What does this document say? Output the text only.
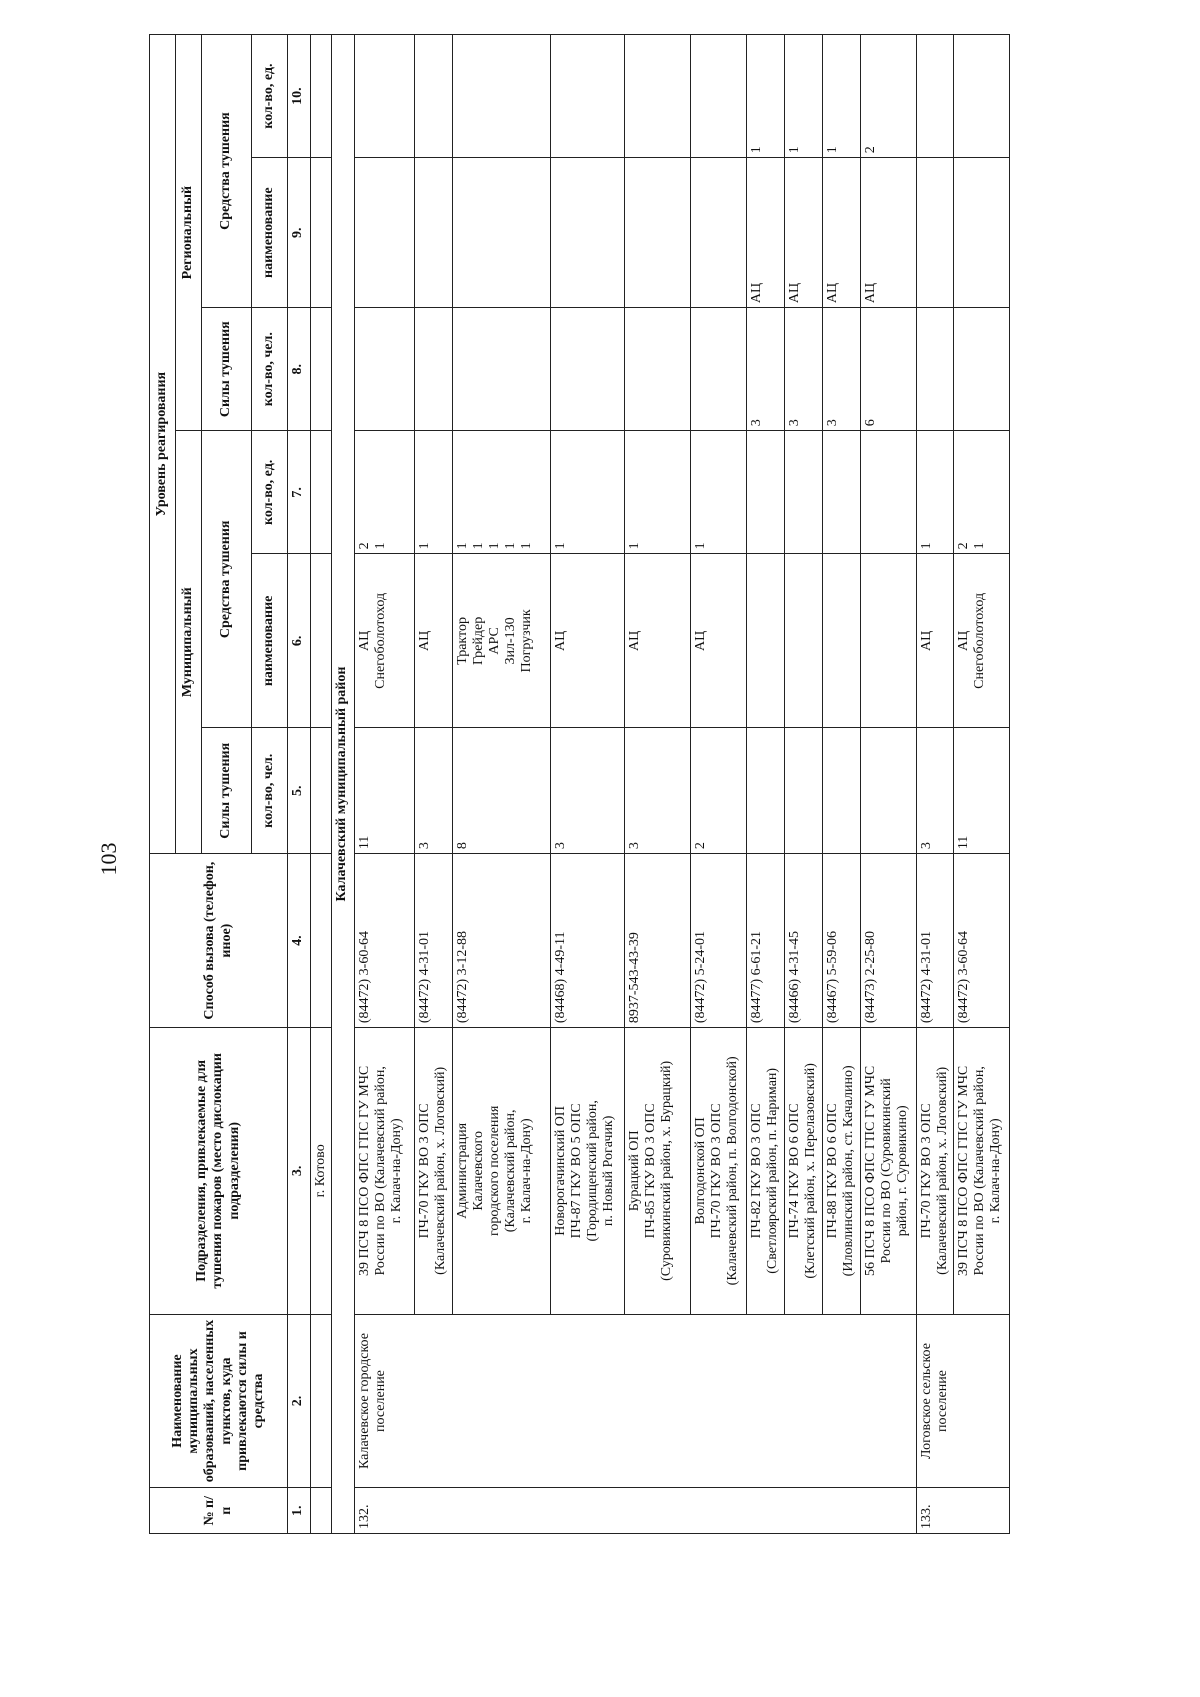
103
№ п/п	Наименование муниципальных образований, населенных пунктов, куда привлекаются силы и средства	Подразделения, привлекаемые для тушения пожаров (место дислокации подразделения)	Способ вызова (телефон, иное)	Уровень реагирования					
				Муниципальный			Региональный		
				Силы тушения	Средства тушения		Силы тушения	Средства тушения	
				кол-во, чел.	наименование	кол-во, ед.	кол-во, чел.	наименование	кол-во, ед.
1.	2.	3.	4.	5.	6.	7.	8.	9.	10.
		г. Котово							
Калачевский муниципальный район									
132.	Калачевское городское поселение	39 ПСЧ 8 ПСО ФПС ГПС ГУ МЧС России по ВО (Калачевский район, г. Калач-на-Дону)	(84472) 3-60-64	11	АЦ Снегоболотоход	2 1			

		ПЧ-70 ГКУ ВО 3 ОПС (Калачевский район, х. Логовский)	(84472) 4-31-01	3	АЦ	1			

		Администрация Калачевского городского поселения (Калачевский район, г. Калач-на-Дону)	(84472) 3-12-88	8	Трактор Грейдер АРС Зил-130 Погрузчик	1 1 1 1 1			

		Новорогачинский ОП ПЧ-87 ГКУ ВО 5 ОПС (Городищенский район, п. Новый Рогачик)	(84468) 4-49-11	3	АЦ	1			

		Бурацкий ОП ПЧ-85 ГКУ ВО 3 ОПС (Суровикинский район, х. Бурацкий)	8937-543-43-39	3	АЦ	1			

		Волгодонской ОП ПЧ-70 ГКУ ВО 3 ОПС (Калачевский район, п. Волгодонской)	(84472) 5-24-01	2	АЦ	1			

		ПЧ-82 ГКУ ВО 3 ОПС (Светлоярский район, п. Нариман)	(84477) 6-61-21				3	АЦ	1

		ПЧ-74 ГКУ ВО 6 ОПС (Клетский район, х. Перелазовский)	(84466) 4-31-45				3	АЦ	1

		ПЧ-88 ГКУ ВО 6 ОПС (Иловлинский район, ст. Качалино)	(84467) 5-59-06				3	АЦ	1

		56 ПСЧ 8 ПСО ФПС ГПС ГУ МЧС России по ВО (Суровикинский район, г. Суровикино)	(84473) 2-25-80				6	АЦ	2
133.	Логовское сельское поселение	ПЧ-70 ГКУ ВО 3 ОПС (Калачевский район, х. Логовский)	(84472) 4-31-01	3	АЦ	1			

		39 ПСЧ 8 ПСО ФПС ГПС ГУ МЧС России по ВО (Калачевский район, г. Калач-на-Дону)	(84472) 3-60-64	11	АЦ Снегоболотоход	2 1			
